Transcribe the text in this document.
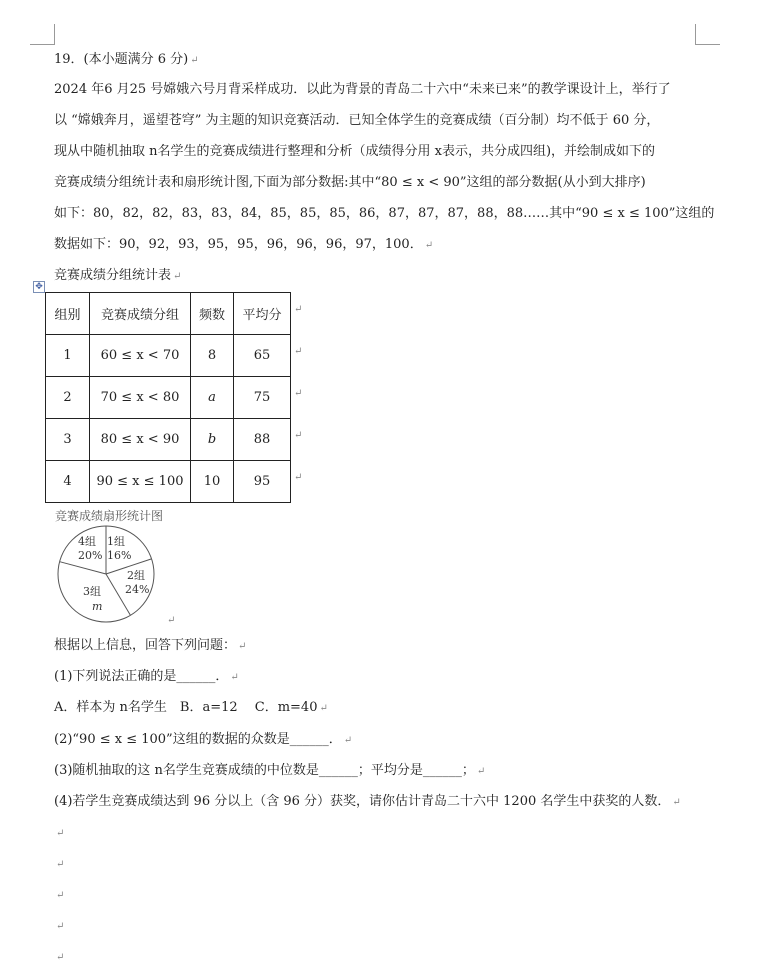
19．(本小题满分 6 分) ↵
2024 年6 月25 号嫦娥六号月背采样成功．以此为背景的青岛二十六中“未来已来”的教学课设计上，举行了
以 “嫦娥奔月，遥望苍穹” 为主题的知识竞赛活动．已知全体学生的竞赛成绩（百分制）均不低于 60 分，
现从中随机抽取 n名学生的竞赛成绩进行整理和分析（成绩得分用 x表示，共分成四组)，并绘制成如下的
竞赛成绩分组统计表和扇形统计图,下面为部分数据:其中“80 ≤ x < 90”这组的部分数据(从小到大排序)
如下：80，82，82，83，83，84，85，85，85，86，87，87，87，88，88……其中“90 ≤ x ≤ 100”这组的
数据如下：90，92，93，95，95，96，96，96，97，100． ↵
竞赛成绩分组统计表 ↵
✥
组别	竞赛成绩分组	频数	平均分
1	60 ≤ x < 70	8	65
2	70 ≤ x < 80	a	75
3	80 ≤ x < 90	b	88
4	90 ≤ x ≤ 100	10	95
↵
↵
↵
↵
↵
竞赛成绩扇形统计图
1组
16%
2组
24%
3组
m
4组
20%
↵
根据以上信息，回答下列问题： ↵
(1)下列说法正确的是______． ↵
A．样本为 n名学生　B．a=12　 C．m=40 ↵
(2)“90 ≤ x ≤ 100”这组的数据的众数是______． ↵
(3)随机抽取的这 n名学生竞赛成绩的中位数是______；平均分是______； ↵
(4)若学生竞赛成绩达到 96 分以上（含 96 分）获奖，请你估计青岛二十六中 1200 名学生中获奖的人数． ↵
↵
↵
↵
↵
↵
